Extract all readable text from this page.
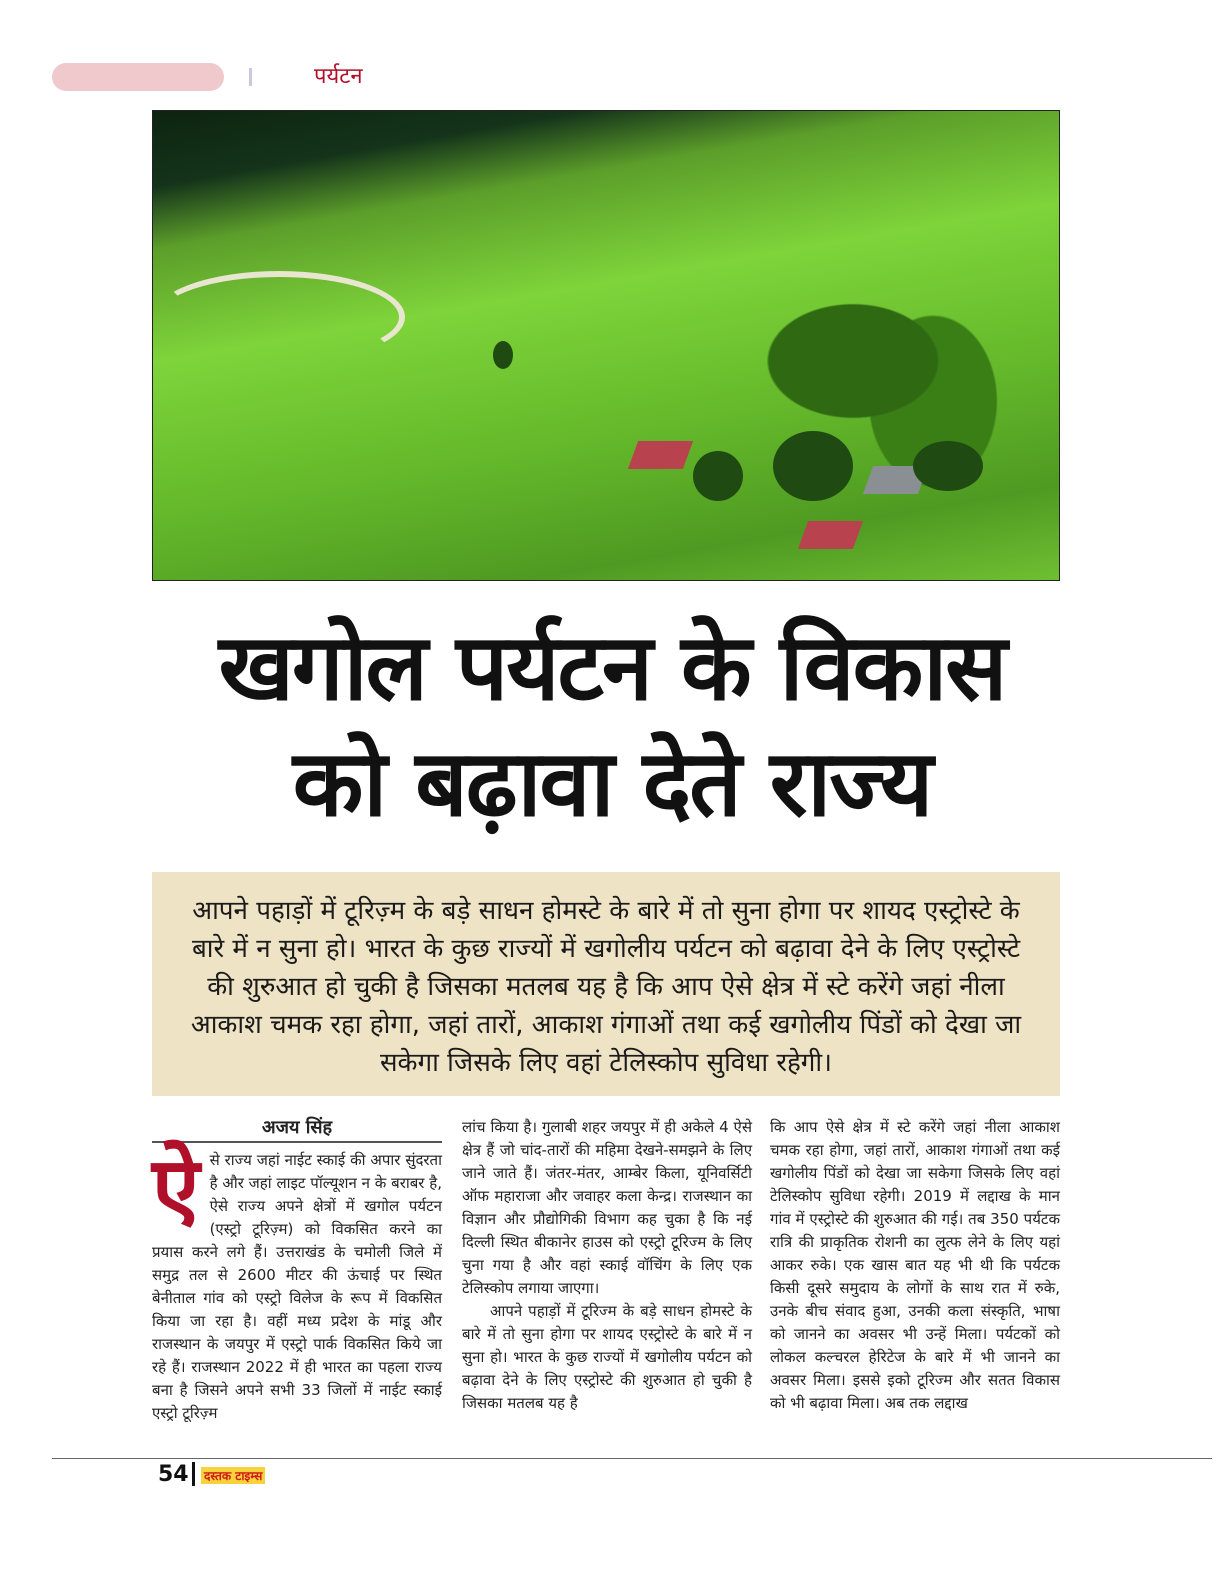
पर्यटन
खगोल पर्यटन के विकास
को बढ़ावा देते राज्य
आपने पहाड़ों में टूरिज़्म के बड़े साधन होमस्टे के बारे में तो सुना होगा पर शायद एस्ट्रोस्टे के बारे में न सुना हो। भारत के कुछ राज्यों में खगोलीय पर्यटन को बढ़ावा देने के लिए एस्ट्रोस्टे की शुरुआत हो चुकी है जिसका मतलब यह है कि आप ऐसे क्षेत्र में स्टे करेंगे जहां नीला आकाश चमक रहा होगा, जहां तारों, आकाश गंगाओं तथा कई खगोलीय पिंडों को देखा जा सकेगा जिसके लिए वहां टेलिस्कोप सुविधा रहेगी।
अजय सिंह
ऐ से राज्य जहां नाईट स्काई की अपार सुंदरता है और जहां लाइट पॉल्यूशन न के बराबर है, ऐसे राज्य अपने क्षेत्रों में खगोल पर्यटन (एस्ट्रो टूरिज़्म) को विकसित करने का प्रयास करने लगे हैं। उत्तराखंड के चमोली जिले में समुद्र तल से 2600 मीटर की ऊंचाई पर स्थित बेनीताल गांव को एस्ट्रो विलेज के रूप में विकसित किया जा रहा है। वहीं मध्य प्रदेश के मांडू और राजस्थान के जयपुर में एस्ट्रो पार्क विकसित किये जा रहे हैं। राजस्थान 2022 में ही भारत का पहला राज्य बना है जिसने अपने सभी 33 जिलों में नाईट स्काई एस्ट्रो टूरिज़्म
लांच किया है। गुलाबी शहर जयपुर में ही अकेले 4 ऐसे क्षेत्र हैं जो चांद-तारों की महिमा देखने-समझने के लिए जाने जाते हैं। जंतर-मंतर, आम्बेर किला, यूनिवर्सिटी ऑफ महाराजा और जवाहर कला केन्द्र। राजस्थान का विज्ञान और प्रौद्योगिकी विभाग कह चुका है कि नई दिल्ली स्थित बीकानेर हाउस को एस्ट्रो टूरिज्म के लिए चुना गया है और वहां स्काई वॉचिंग के लिए एक टेलिस्कोप लगाया जाएगा।
आपने पहाड़ों में टूरिज्म के बड़े साधन होमस्टे के बारे में तो सुना होगा पर शायद एस्ट्रोस्टे के बारे में न सुना हो। भारत के कुछ राज्यों में खगोलीय पर्यटन को बढ़ावा देने के लिए एस्ट्रोस्टे की शुरुआत हो चुकी है जिसका मतलब यह है
कि आप ऐसे क्षेत्र में स्टे करेंगे जहां नीला आकाश चमक रहा होगा, जहां तारों, आकाश गंगाओं तथा कई खगोलीय पिंडों को देखा जा सकेगा जिसके लिए वहां टेलिस्कोप सुविधा रहेगी। 2019 में लद्दाख के मान गांव में एस्ट्रोस्टे की शुरुआत की गई। तब 350 पर्यटक रात्रि की प्राकृतिक रोशनी का लुत्फ लेने के लिए यहां आकर रुके। एक खास बात यह भी थी कि पर्यटक किसी दूसरे समुदाय के लोगों के साथ रात में रुके, उनके बीच संवाद हुआ, उनकी कला संस्कृति, भाषा को जानने का अवसर भी उन्हें मिला। पर्यटकों को लोकल कल्चरल हेरिटेज के बारे में भी जानने का अवसर मिला। इससे इको टूरिज्म और सतत विकास को भी बढ़ावा मिला। अब तक लद्दाख
54 दस्तक टाइम्स
